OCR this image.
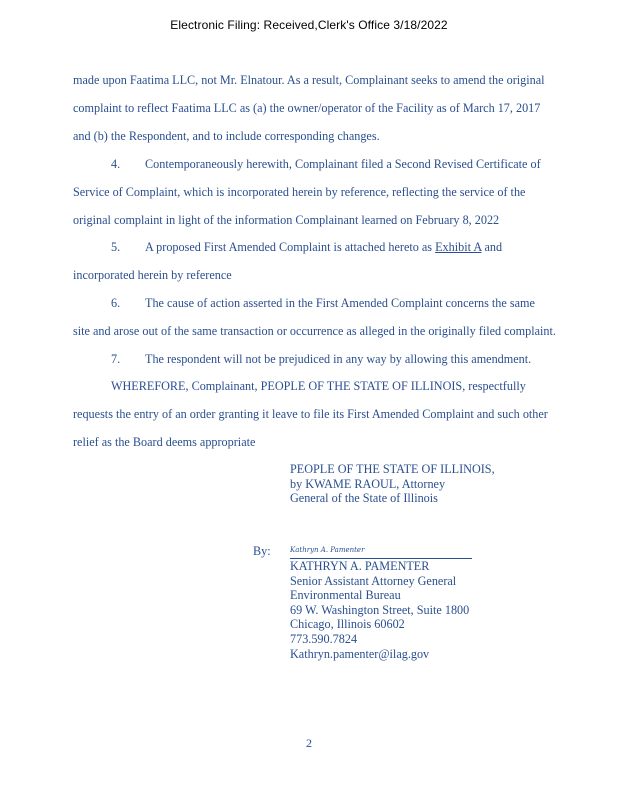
Electronic Filing: Received,Clerk's Office 3/18/2022
made upon Faatima LLC, not Mr. Elnatour. As a result, Complainant seeks to amend the original
complaint to reflect Faatima LLC as (a) the owner/operator of the Facility as of March 17, 2017
and (b) the Respondent, and to include corresponding changes.
4. Contemporaneously herewith, Complainant filed a Second Revised Certificate of
Service of Complaint, which is incorporated herein by reference, reflecting the service of the
original complaint in light of the information Complainant learned on February 8, 2022
5. A proposed First Amended Complaint is attached hereto as Exhibit A and
incorporated herein by reference
6. The cause of action asserted in the First Amended Complaint concerns the same
site and arose out of the same transaction or occurrence as alleged in the originally filed complaint.
7. The respondent will not be prejudiced in any way by allowing this amendment.
WHEREFORE, Complainant, PEOPLE OF THE STATE OF ILLINOIS, respectfully
requests the entry of an order granting it leave to file its First Amended Complaint and such other
relief as the Board deems appropriate
PEOPLE OF THE STATE OF ILLINOIS,
by KWAME RAOUL, Attorney
General of the State of Illinois
By:	Kathryn A. Pamenter
KATHRYN A. PAMENTER
Senior Assistant Attorney General
Environmental Bureau
69 W. Washington Street, Suite 1800
Chicago, Illinois 60602
773.590.7824
Kathryn.pamenter@ilag.gov
2
